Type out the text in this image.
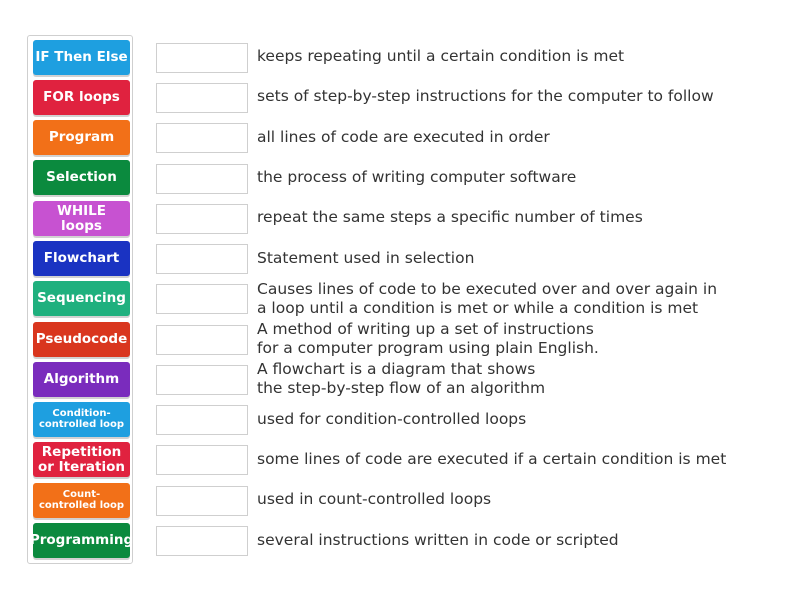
IF Then Else
FOR loops
Program
Selection
WHILE loops
Flowchart
Sequencing
Pseudocode
Algorithm
Condition-controlled loop
Repetition or Iteration
Count-controlled loop
Programming
keeps repeating until a certain condition is met
sets of step-by-step instructions for the computer to follow
all lines of code are executed in order
the process of writing computer software
repeat the same steps a specific number of times
Statement used in selection
Causes lines of code to be executed over and over again in
a loop until a condition is met or while a condition is met
A method of writing up a set of instructions
for a computer program using plain English.
A flowchart is a diagram that shows
the step-by-step flow of an algorithm
used for condition-controlled loops
some lines of code are executed if a certain condition is met
used in count-controlled loops
several instructions written in code or scripted
